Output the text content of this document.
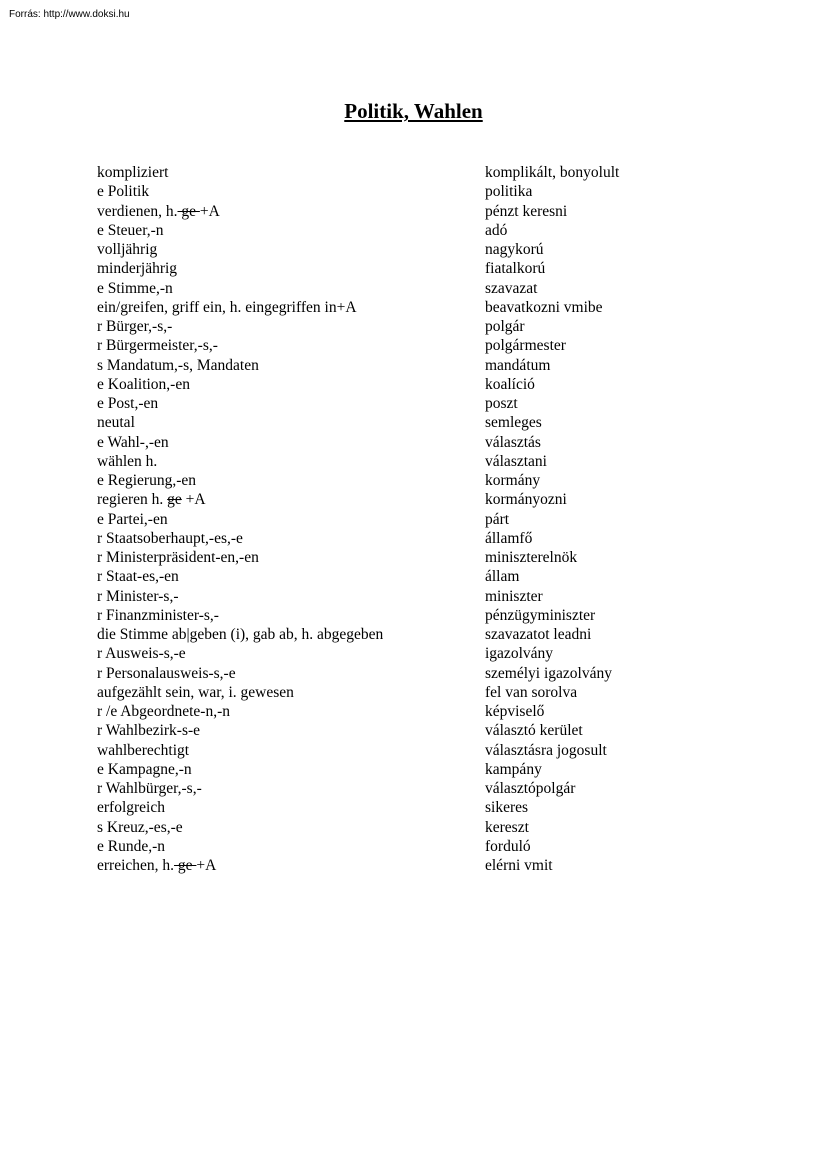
Forrás: http://www.doksi.hu
Politik, Wahlen
kompliziert	komplikált, bonyolult
e Politik	politika
verdienen, h. ge +A	pénzt keresni
e Steuer,-n	adó
volljährig	nagykorú
minderjährig	fiatalkorú
e Stimme,-n	szavazat
ein/greifen, griff ein, h. eingegriffen in+A	beavatkozni vmibe
r Bürger,-s,-	polgár
r Bürgermeister,-s,-	polgármester
s Mandatum,-s, Mandaten	mandátum
e Koalition,-en	koalíció
e Post,-en	poszt
neutal	semleges
e Wahl-,-en	választás
wählen h.	választani
e Regierung,-en	kormány
regieren h. ge +A	kormányozni
e Partei,-en	párt
r Staatsoberhaupt,-es,-e	államfő
r Ministerpräsident-en,-en	miniszterelnök
r Staat-es,-en	állam
r Minister-s,-	miniszter
r Finanzminister-s,-	pénzügyminiszter
die Stimme ab|geben (i), gab ab, h. abgegeben	szavazatot leadni
r Ausweis-s,-e	igazolvány
r Personalausweis-s,-e	személyi igazolvány
aufgezählt sein, war, i. gewesen	fel van sorolva
r /e Abgeordnete-n,-n	képviselő
r Wahlbezirk-s-e	választó kerület
wahlberechtigt	választásra jogosult
e Kampagne,-n	kampány
r Wahlbürger,-s,-	választópolgár
erfolgreich	sikeres
s Kreuz,-es,-e	kereszt
e Runde,-n	forduló
erreichen, h. ge +A	elérni vmit
